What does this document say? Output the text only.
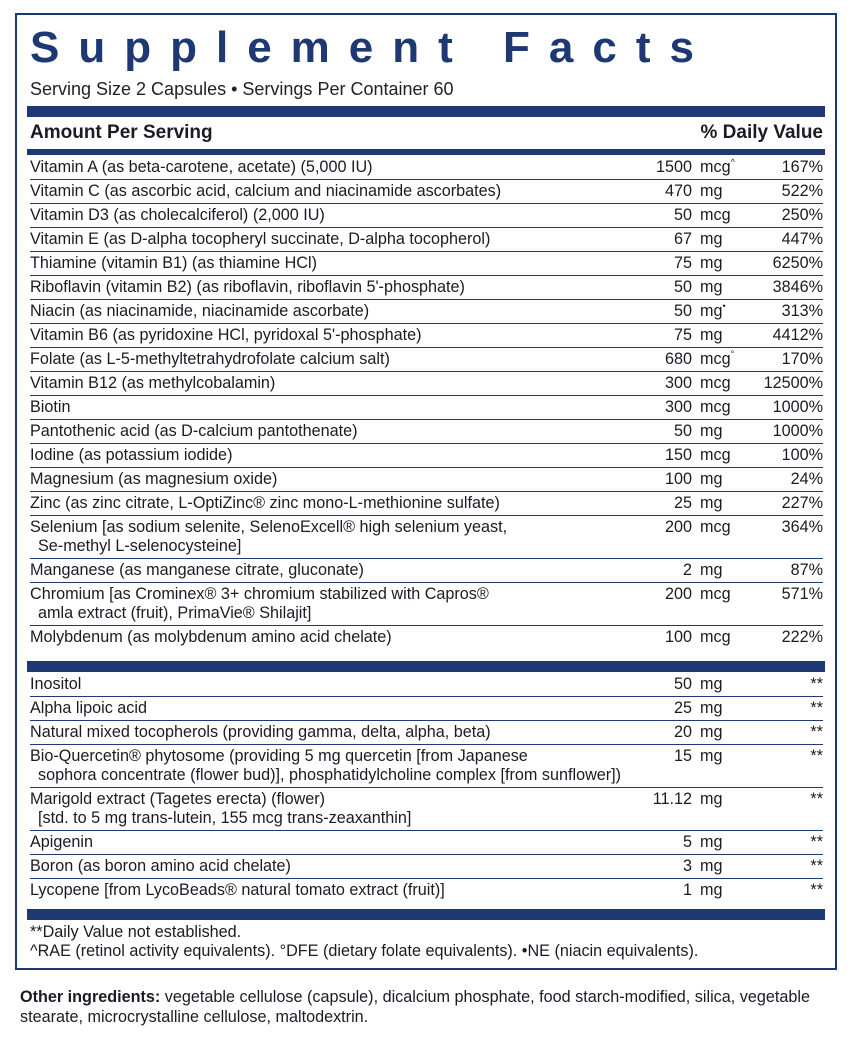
Supplement Facts
Serving Size 2 Capsules • Servings Per Container 60
Amount Per Serving	% Daily Value
Vitamin A (as beta-carotene, acetate) (5,000 IU)	1500 mcg^	167%
Vitamin C (as ascorbic acid, calcium and niacinamide ascorbates)	470 mg	522%
Vitamin D3 (as cholecalciferol) (2,000 IU)	50 mcg	250%
Vitamin E (as D-alpha tocopheryl succinate, D-alpha tocopherol)	67 mg	447%
Thiamine (vitamin B1) (as thiamine HCl)	75 mg	6250%
Riboflavin (vitamin B2) (as riboflavin, riboflavin 5'-phosphate)	50 mg	3846%
Niacin (as niacinamide, niacinamide ascorbate)	50 mg•	313%
Vitamin B6 (as pyridoxine HCl, pyridoxal 5'-phosphate)	75 mg	4412%
Folate (as L-5-methyltetrahydrofolate calcium salt)	680 mcg°	170%
Vitamin B12 (as methylcobalamin)	300 mcg 12500%
Biotin	300 mcg	1000%
Pantothenic acid (as D-calcium pantothenate)	50 mg	1000%
Iodine (as potassium iodide)	150 mcg	100%
Magnesium (as magnesium oxide)	100 mg	24%
Zinc (as zinc citrate, L-OptiZinc® zinc mono-L-methionine sulfate)	25 mg	227%
Selenium [as sodium selenite, SelenoExcell® high selenium yeast,
Se-methyl L-selenocysteine]
200 mcg	364%
Manganese (as manganese citrate, gluconate)	2 mg	87%
Chromium [as Crominex® 3+ chromium stabilized with Capros®
amla extract (fruit), PrimaVie® Shilajit]
200 mcg	571%
Molybdenum (as molybdenum amino acid chelate)	100 mcg	222%
Inositol	50 mg	**
Alpha lipoic acid	25 mg	**
Natural mixed tocopherols (providing gamma, delta, alpha, beta)	20 mg	**
Bio-Quercetin® phytosome (providing 5 mg quercetin [from Japanese
sophora concentrate (flower bud)], phosphatidylcholine complex [from sunflower])
15 mg	**
Marigold extract (Tagetes erecta) (flower)
[std. to 5 mg trans-lutein, 155 mcg trans-zeaxanthin]
11.12 mg	**
Apigenin	5 mg	**
Boron (as boron amino acid chelate)	3 mg	**
Lycopene [from LycoBeads® natural tomato extract (fruit)]	1 mg	**
**Daily Value not established.
^RAE (retinol activity equivalents). °DFE (dietary folate equivalents). •NE (niacin equivalents).
Other ingredients: vegetable cellulose (capsule), dicalcium phosphate, food starch-modified, silica, vegetable stearate, microcrystalline cellulose, maltodextrin.
